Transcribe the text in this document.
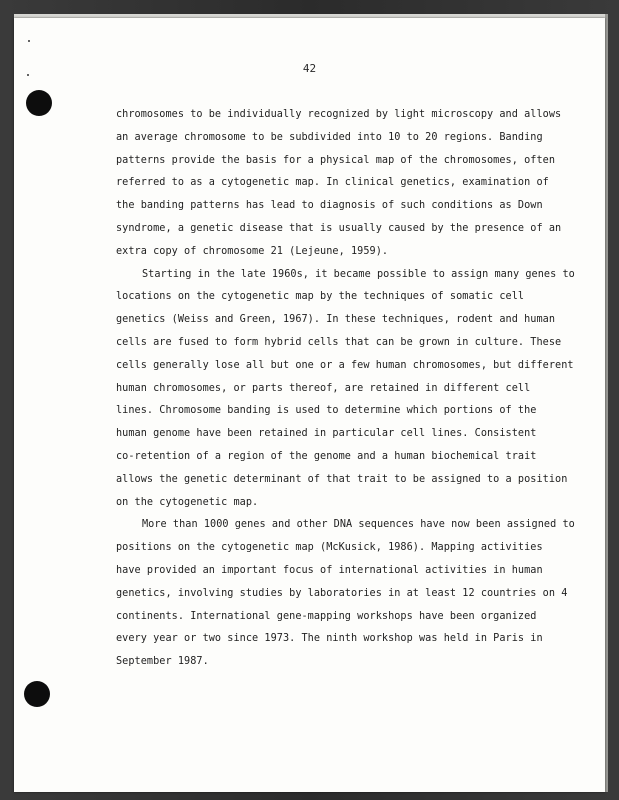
42

chromosomes to be individually recognized by light microscopy and allows
an average chromosome to be subdivided into 10 to 20 regions. Banding
patterns provide the basis for a physical map of the chromosomes, often
referred to as a cytogenetic map. In clinical genetics, examination of
the banding patterns has lead to diagnosis of such conditions as Down
syndrome, a genetic disease that is usually caused by the presence of an
extra copy of chromosome 21 (Lejeune, 1959).

Starting in the late 1960s, it became possible to assign many genes to
locations on the cytogenetic map by the techniques of somatic cell
genetics (Weiss and Green, 1967). In these techniques, rodent and human
cells are fused to form hybrid cells that can be grown in culture. These
cells generally lose all but one or a few human chromosomes, but different
human chromosomes, or parts thereof, are retained in different cell
lines. Chromosome banding is used to determine which portions of the
human genome have been retained in particular cell lines. Consistent
co-retention of a region of the genome and a human biochemical trait
allows the genetic determinant of that trait to be assigned to a position
on the cytogenetic map.

More than 1000 genes and other DNA sequences have now been assigned to
positions on the cytogenetic map (McKusick, 1986). Mapping activities
have provided an important focus of international activities in human
genetics, involving studies by laboratories in at least 12 countries on 4
continents. International gene-mapping workshops have been organized
every year or two since 1973. The ninth workshop was held in Paris in
September 1987.
